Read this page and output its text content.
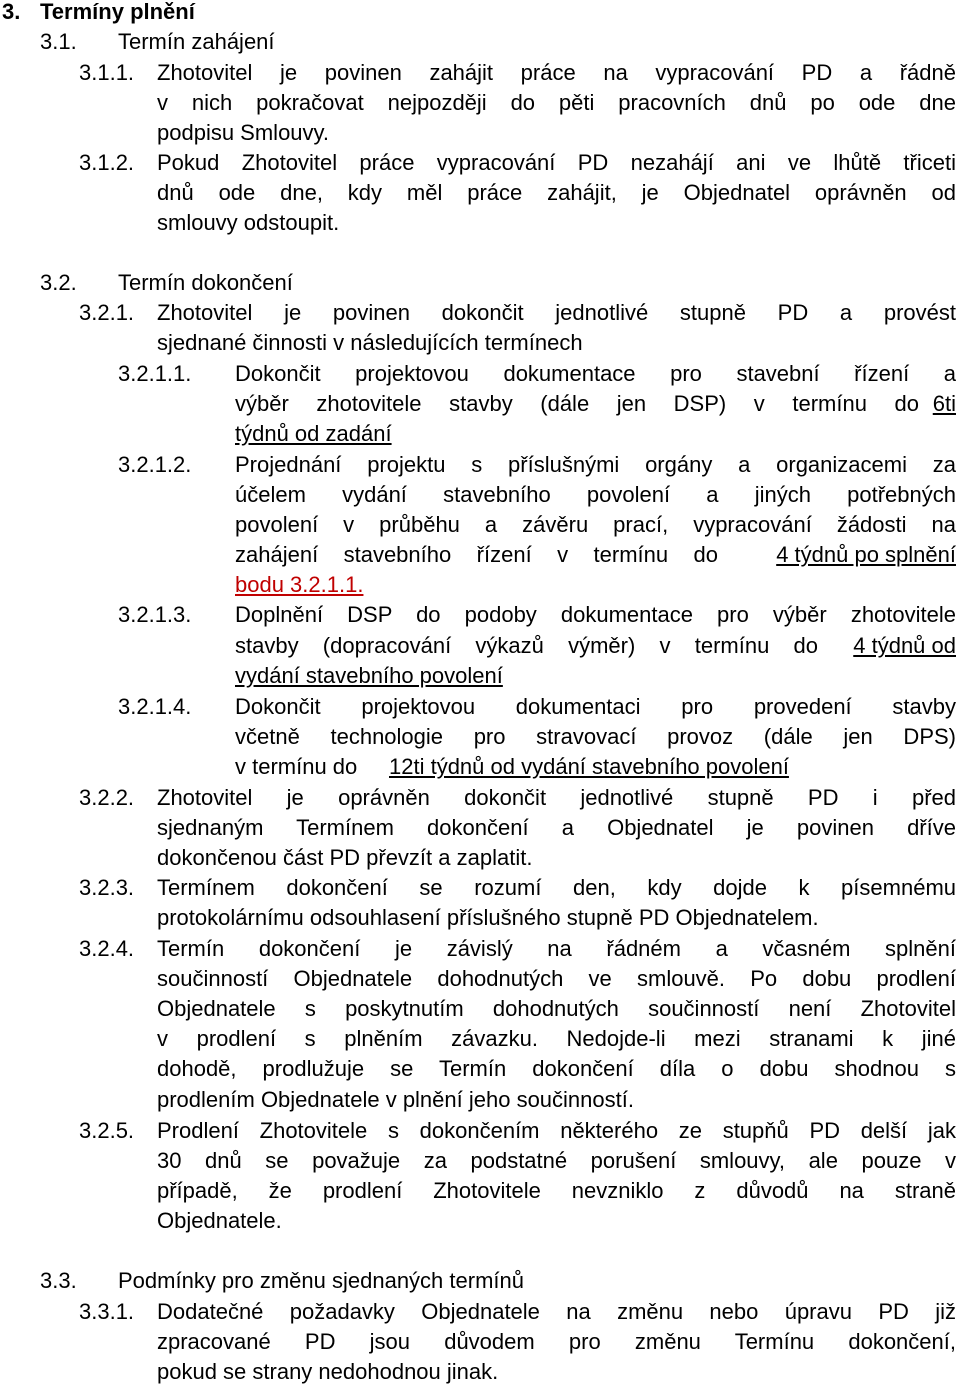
3. Termíny plnění
3.1. Termín zahájení
3.1.1. Zhotovitel je povinen zahájit práce na vypracování PD a řádně
v nich pokračovat nejpozději do pěti pracovních dnů po ode dne
podpisu Smlouvy.
3.1.2. Pokud Zhotovitel práce vypracování PD nezahájí ani ve lhůtě třiceti
dnů ode dne, kdy měl práce zahájit, je Objednatel oprávněn od
smlouvy odstoupit.
3.2. Termín dokončení
3.2.1. Zhotovitel je povinen dokončit jednotlivé stupně PD a provést
sjednané činnosti v následujících termínech
3.2.1.1. Dokončit projektovou dokumentace pro stavební řízení a
výběr zhotovitele stavby (dále jen DSP) v termínu do 6ti
týdnů od zadání
3.2.1.2. Projednání projektu s příslušnými orgány a organizacemi za
účelem vydání stavebního povolení a jiných potřebných
povolení v průběhu a závěru prací, vypracování žádosti na
zahájení stavebního řízení v termínu do	4 týdnů po splnění
bodu 3.2.1.1.
3.2.1.3. Doplnění DSP do podoby dokumentace pro výběr zhotovitele
stavby (dopracování výkazů výměr) v termínu do 4 týdnů od
vydání stavebního povolení
3.2.1.4. Dokončit projektovou dokumentaci pro provedení stavby
včetně technologie pro stravovací provoz (dále jen DPS)
v termínu do 12ti týdnů od vydání stavebního povolení
3.2.2. Zhotovitel je oprávněn dokončit jednotlivé stupně PD i před
sjednaným Termínem dokončení a Objednatel je povinen dříve
dokončenou část PD převzít a zaplatit.
3.2.3. Termínem dokončení se rozumí den, kdy dojde k písemnému
protokolárnímu odsouhlasení příslušného stupně PD Objednatelem.
3.2.4. Termín dokončení je závislý na řádném a včasném splnění
součinností Objednatele dohodnutých ve smlouvě. Po dobu prodlení
Objednatele s poskytnutím dohodnutých součinností není Zhotovitel
v prodlení s plněním závazku. Nedojde-li mezi stranami k jiné
dohodě, prodlužuje se Termín dokončení díla o dobu shodnou s
prodlením Objednatele v plnění jeho součinností.
3.2.5. Prodlení Zhotovitele s dokončením některého ze stupňů PD delší jak
30 dnů se považuje za podstatné porušení smlouvy, ale pouze v
případě, že prodlení Zhotovitele nevzniklo z důvodů na straně
Objednatele.
3.3. Podmínky pro změnu sjednaných termínů
3.3.1. Dodatečné požadavky Objednatele na změnu nebo úpravu PD již
zpracované PD jsou důvodem pro změnu Termínu dokončení,
pokud se strany nedohodnou jinak.
